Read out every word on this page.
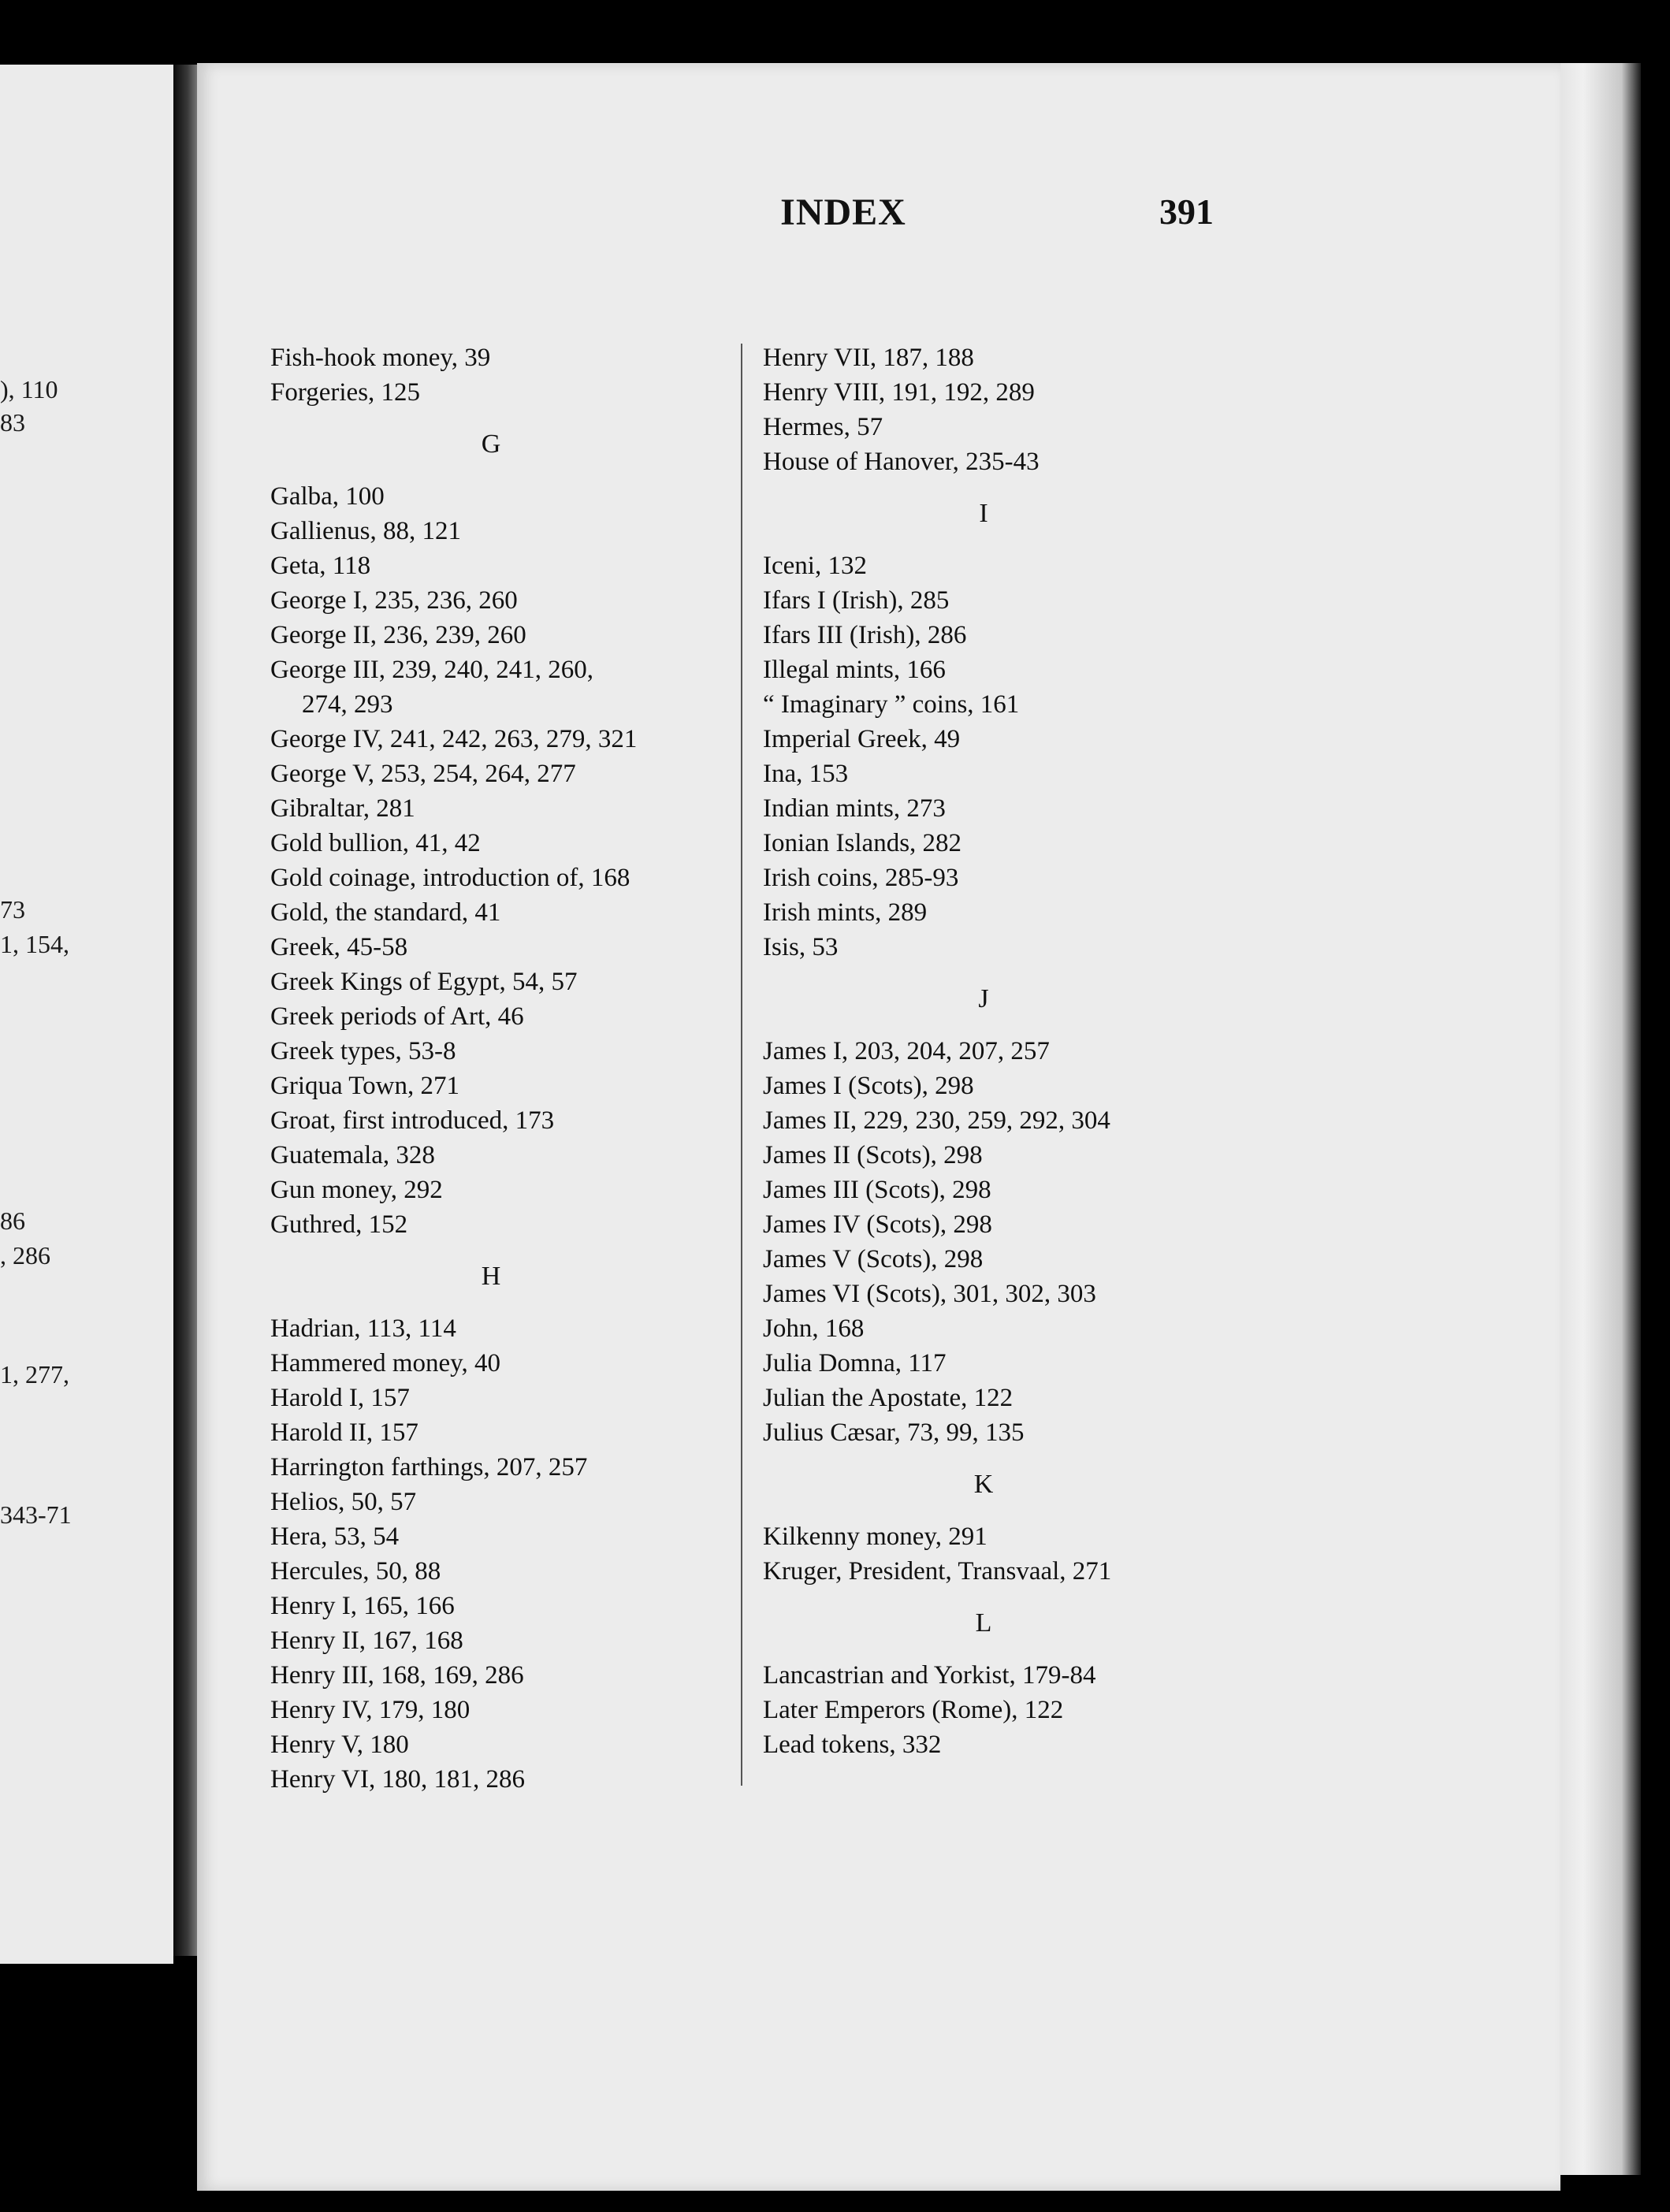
), 110
83
73
1, 154,
86
, 286
1, 277,
343-71
INDEX	391
Fish-hook money, 39
Forgeries, 125
G
Galba, 100
Gallienus, 88, 121
Geta, 118
George I, 235, 236, 260
George II, 236, 239, 260
George III, 239, 240, 241, 260,
274, 293
George IV, 241, 242, 263, 279, 321
George V, 253, 254, 264, 277
Gibraltar, 281
Gold bullion, 41, 42
Gold coinage, introduction of, 168
Gold, the standard, 41
Greek, 45-58
Greek Kings of Egypt, 54, 57
Greek periods of Art, 46
Greek types, 53-8
Griqua Town, 271
Groat, first introduced, 173
Guatemala, 328
Gun money, 292
Guthred, 152
H
Hadrian, 113, 114
Hammered money, 40
Harold I, 157
Harold II, 157
Harrington farthings, 207, 257
Helios, 50, 57
Hera, 53, 54
Hercules, 50, 88
Henry I, 165, 166
Henry II, 167, 168
Henry III, 168, 169, 286
Henry IV, 179, 180
Henry V, 180
Henry VI, 180, 181, 286
Henry VII, 187, 188
Henry VIII, 191, 192, 289
Hermes, 57
House of Hanover, 235-43
I
Iceni, 132
Ifars I (Irish), 285
Ifars III (Irish), 286
Illegal mints, 166
“ Imaginary ” coins, 161
Imperial Greek, 49
Ina, 153
Indian mints, 273
Ionian Islands, 282
Irish coins, 285-93
Irish mints, 289
Isis, 53
J
James I, 203, 204, 207, 257
James I (Scots), 298
James II, 229, 230, 259, 292, 304
James II (Scots), 298
James III (Scots), 298
James IV (Scots), 298
James V (Scots), 298
James VI (Scots), 301, 302, 303
John, 168
Julia Domna, 117
Julian the Apostate, 122
Julius Cæsar, 73, 99, 135
K
Kilkenny money, 291
Kruger, President, Transvaal, 271
L
Lancastrian and Yorkist, 179-84
Later Emperors (Rome), 122
Lead tokens, 332
